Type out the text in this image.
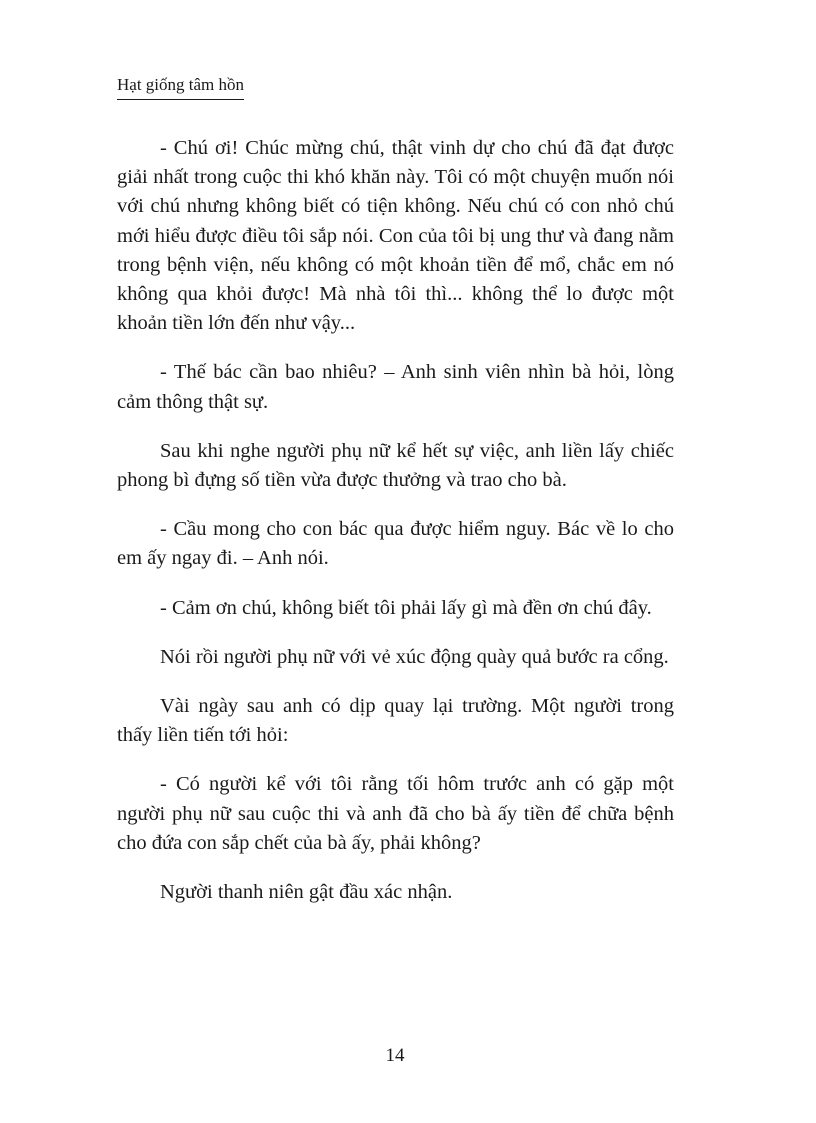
Hạt giống tâm hồn

- Chú ơi! Chúc mừng chú, thật vinh dự cho chú đã đạt được giải nhất trong cuộc thi khó khăn này. Tôi có một chuyện muốn nói với chú nhưng không biết có tiện không. Nếu chú có con nhỏ chú mới hiểu được điều tôi sắp nói. Con của tôi bị ung thư và đang nằm trong bệnh viện, nếu không có một khoản tiền để mổ, chắc em nó không qua khỏi được! Mà nhà tôi thì... không thể lo được một khoản tiền lớn đến như vậy...

- Thế bác cần bao nhiêu? – Anh sinh viên nhìn bà hỏi, lòng cảm thông thật sự.

Sau khi nghe người phụ nữ kể hết sự việc, anh liền lấy chiếc phong bì đựng số tiền vừa được thưởng và trao cho bà.

- Cầu mong cho con bác qua được hiểm nguy. Bác về lo cho em ấy ngay đi. – Anh nói.

- Cảm ơn chú, không biết tôi phải lấy gì mà đền ơn chú đây.

Nói rồi người phụ nữ với vẻ xúc động quày quả bước ra cổng.

Vài ngày sau anh có dịp quay lại trường. Một người trong thấy liền tiến tới hỏi:

- Có người kể với tôi rằng tối hôm trước anh có gặp một người phụ nữ sau cuộc thi và anh đã cho bà ấy tiền để chữa bệnh cho đứa con sắp chết của bà ấy, phải không?

Người thanh niên gật đầu xác nhận.

14
